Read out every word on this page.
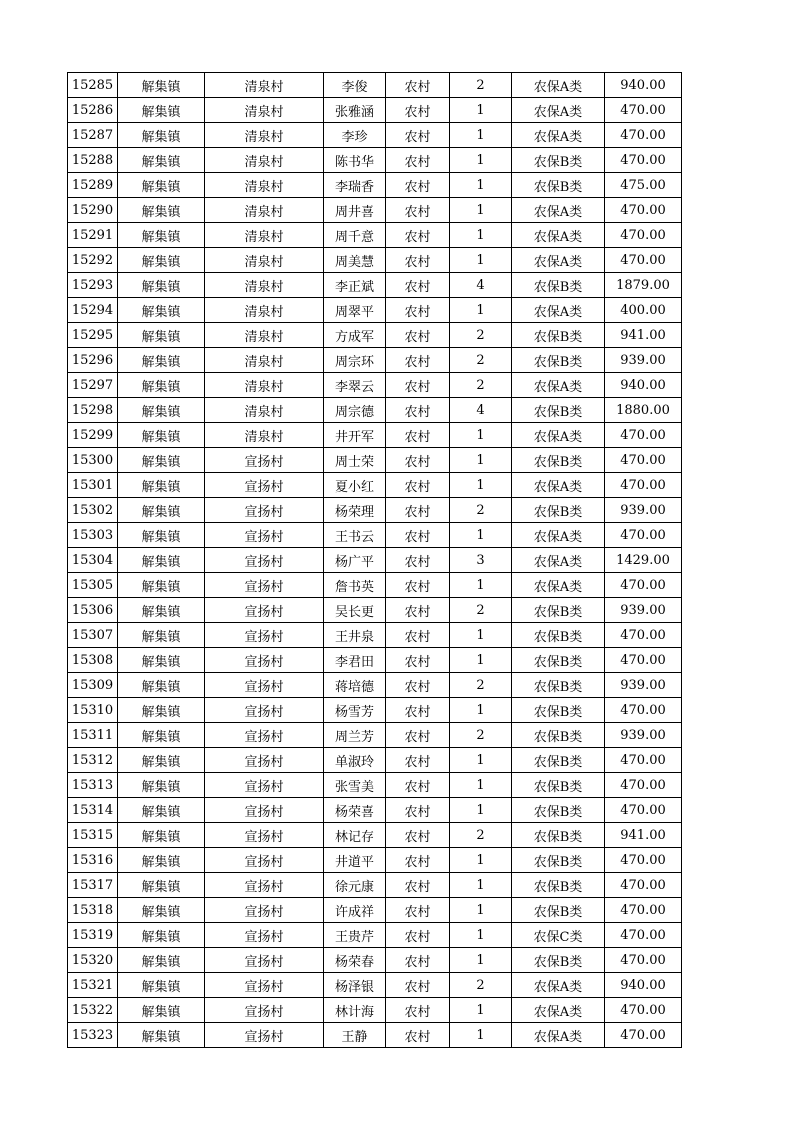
15285	解集镇	清泉村	李俊	农村	2	农保A类	940.00
15286	解集镇	清泉村	张雅涵	农村	1	农保A类	470.00
15287	解集镇	清泉村	李珍	农村	1	农保A类	470.00
15288	解集镇	清泉村	陈书华	农村	1	农保B类	470.00
15289	解集镇	清泉村	李瑞香	农村	1	农保B类	475.00
15290	解集镇	清泉村	周井喜	农村	1	农保A类	470.00
15291	解集镇	清泉村	周千意	农村	1	农保A类	470.00
15292	解集镇	清泉村	周美慧	农村	1	农保A类	470.00
15293	解集镇	清泉村	李正斌	农村	4	农保B类	1879.00
15294	解集镇	清泉村	周翠平	农村	1	农保A类	400.00
15295	解集镇	清泉村	方成军	农村	2	农保B类	941.00
15296	解集镇	清泉村	周宗环	农村	2	农保B类	939.00
15297	解集镇	清泉村	李翠云	农村	2	农保A类	940.00
15298	解集镇	清泉村	周宗德	农村	4	农保B类	1880.00
15299	解集镇	清泉村	井开军	农村	1	农保A类	470.00
15300	解集镇	宣扬村	周士荣	农村	1	农保B类	470.00
15301	解集镇	宣扬村	夏小红	农村	1	农保A类	470.00
15302	解集镇	宣扬村	杨荣理	农村	2	农保B类	939.00
15303	解集镇	宣扬村	王书云	农村	1	农保A类	470.00
15304	解集镇	宣扬村	杨广平	农村	3	农保A类	1429.00
15305	解集镇	宣扬村	詹书英	农村	1	农保A类	470.00
15306	解集镇	宣扬村	吴长更	农村	2	农保B类	939.00
15307	解集镇	宣扬村	王井泉	农村	1	农保B类	470.00
15308	解集镇	宣扬村	李君田	农村	1	农保B类	470.00
15309	解集镇	宣扬村	蒋培德	农村	2	农保B类	939.00
15310	解集镇	宣扬村	杨雪芳	农村	1	农保B类	470.00
15311	解集镇	宣扬村	周兰芳	农村	2	农保B类	939.00
15312	解集镇	宣扬村	单淑玲	农村	1	农保B类	470.00
15313	解集镇	宣扬村	张雪美	农村	1	农保B类	470.00
15314	解集镇	宣扬村	杨荣喜	农村	1	农保B类	470.00
15315	解集镇	宣扬村	林记存	农村	2	农保B类	941.00
15316	解集镇	宣扬村	井道平	农村	1	农保B类	470.00
15317	解集镇	宣扬村	徐元康	农村	1	农保B类	470.00
15318	解集镇	宣扬村	许成祥	农村	1	农保B类	470.00
15319	解集镇	宣扬村	王贵芹	农村	1	农保C类	470.00
15320	解集镇	宣扬村	杨荣春	农村	1	农保B类	470.00
15321	解集镇	宣扬村	杨泽银	农村	2	农保A类	940.00
15322	解集镇	宣扬村	林计海	农村	1	农保A类	470.00
15323	解集镇	宣扬村	王静	农村	1	农保A类	470.00
